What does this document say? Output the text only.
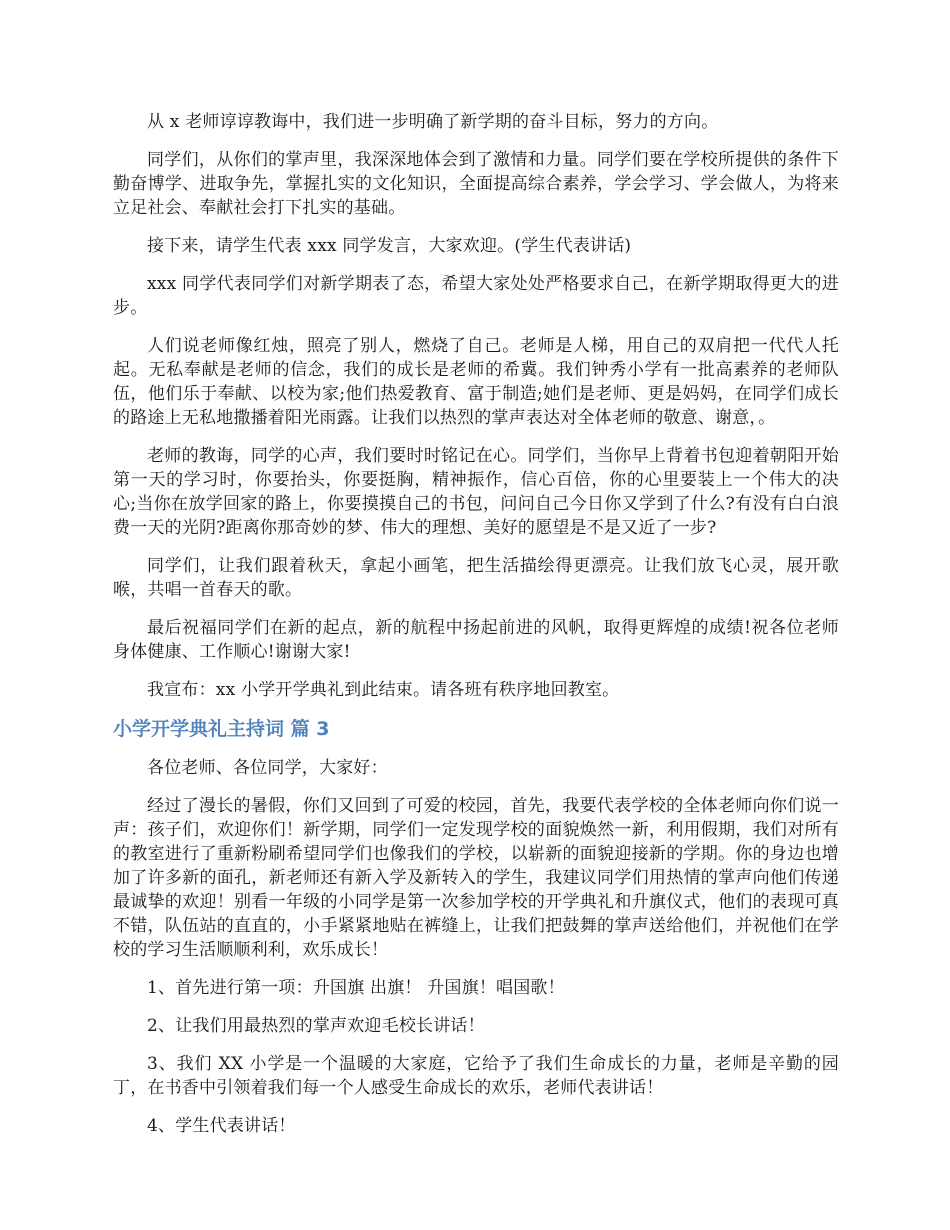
从 x 老师谆谆教诲中，我们进一步明确了新学期的奋斗目标，努力的方向。

同学们，从你们的掌声里，我深深地体会到了激情和力量。同学们要在学校所提供的条件下勤奋博学、进取争先，掌握扎实的文化知识，全面提高综合素养，学会学习、学会做人，为将来立足社会、奉献社会打下扎实的基础。

接下来，请学生代表 xxx 同学发言，大家欢迎。(学生代表讲话)

xxx 同学代表同学们对新学期表了态，希望大家处处严格要求自己，在新学期取得更大的进步。

人们说老师像红烛，照亮了别人，燃烧了自己。老师是人梯，用自己的双肩把一代代人托起。无私奉献是老师的信念，我们的成长是老师的希冀。我们钟秀小学有一批高素养的老师队伍，他们乐于奉献、以校为家;他们热爱教育、富于制造;她们是老师、更是妈妈，在同学们成长的路途上无私地撒播着阳光雨露。让我们以热烈的掌声表达对全体老师的敬意、谢意，。

老师的教诲，同学的心声，我们要时时铭记在心。同学们，当你早上背着书包迎着朝阳开始第一天的学习时，你要抬头，你要挺胸，精神振作，信心百倍，你的心里要装上一个伟大的决心;当你在放学回家的路上，你要摸摸自己的书包，问问自己今日你又学到了什么?有没有白白浪费一天的光阴?距离你那奇妙的梦、伟大的理想、美好的愿望是不是又近了一步?

同学们，让我们跟着秋天，拿起小画笔，把生活描绘得更漂亮。让我们放飞心灵，展开歌喉，共唱一首春天的歌。

最后祝福同学们在新的起点，新的航程中扬起前进的风帆，取得更辉煌的成绩!祝各位老师身体健康、工作顺心!谢谢大家!

我宣布：xx 小学开学典礼到此结束。请各班有秩序地回教室。

小学开学典礼主持词 篇 3

各位老师、各位同学，大家好：

经过了漫长的暑假，你们又回到了可爱的校园，首先，我要代表学校的全体老师向你们说一声：孩子们，欢迎你们！新学期，同学们一定发现学校的面貌焕然一新，利用假期，我们对所有的教室进行了重新粉刷希望同学们也像我们的学校，以崭新的面貌迎接新的学期。你的身边也增加了许多新的面孔，新老师还有新入学及新转入的学生，我建议同学们用热情的掌声向他们传递最诚挚的欢迎！别看一年级的小同学是第一次参加学校的开学典礼和升旗仪式，他们的表现可真不错，队伍站的直直的，小手紧紧地贴在裤缝上，让我们把鼓舞的掌声送给他们，并祝他们在学校的学习生活顺顺利利，欢乐成长！

1、首先进行第一项：升国旗 出旗！ 升国旗！唱国歌！

2、让我们用最热烈的掌声欢迎毛校长讲话！

3、我们 XX 小学是一个温暖的大家庭，它给予了我们生命成长的力量，老师是辛勤的园丁，在书香中引领着我们每一个人感受生命成长的欢乐，老师代表讲话！

4、学生代表讲话！
